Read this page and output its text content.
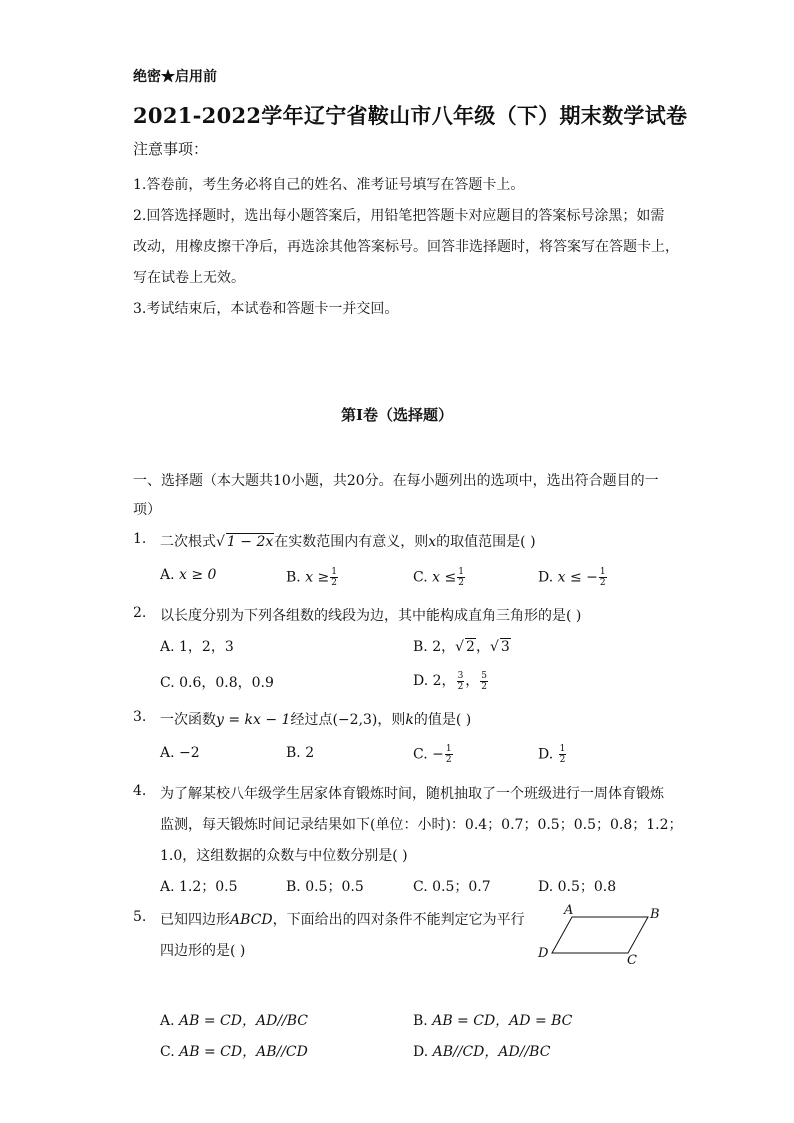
绝密★启用前
2021-2022学年辽宁省鞍山市八年级（下）期末数学试卷
注意事项：
1.答卷前，考生务必将自己的姓名、准考证号填写在答题卡上。
2.回答选择题时，选出每小题答案后，用铅笔把答题卡对应题目的答案标号涂黑；如需
改动，用橡皮擦干净后，再选涂其他答案标号。回答非选择题时，将答案写在答题卡上，
写在试卷上无效。
3.考试结束后，本试卷和答题卡一并交回。
第I卷（选择题）
一、选择题（本大题共10小题，共20分。在每小题列出的选项中，选出符合题目的一
项）
1. 二次根式√ 1 − 2x在实数范围内有意义，则x的取值范围是( )
A. x ≥ 0	B. $x \ge \frac{1}{2}$	C. $x \le \frac{1}{2}$	D. x ≤ − $\frac{1}{2}$
2. 以长度分别为下列各组数的线段为边，其中能构成直角三角形的是( )
A. 1，2，3	B. 2，√ 2，√ 3
C. 0.6，0.8，0.9	D. 2， $\frac{3}{2}$ ， $\frac{5}{2}$
3. 一次函数y = kx − 1经过点(−2,3)，则k的值是( )
A. −2	B. 2	C. − $\frac{1}{2}$	D. $\frac{1}{2}$
4. 为了解某校八年级学生居家体育锻炼时间，随机抽取了一个班级进行一周体育锻炼
监测，每天锻炼时间记录结果如下(单位：小时)：0.4；0.7；0.5；0.5；0.8；1.2；
1.0，这组数据的众数与中位数分别是( )
A. 1.2；0.5	B. 0.5；0.5	C. 0.5；0.7	D. 0.5；0.8
5. 已知四边形ABCD，下面给出的四对条件不能判定它为平行
四边形的是( )
A	B
C
D
A. AB = CD，AD//BC	B. AB = CD，AD = BC
C. AB = CD，AB//CD	D. AB//CD，AD//BC
